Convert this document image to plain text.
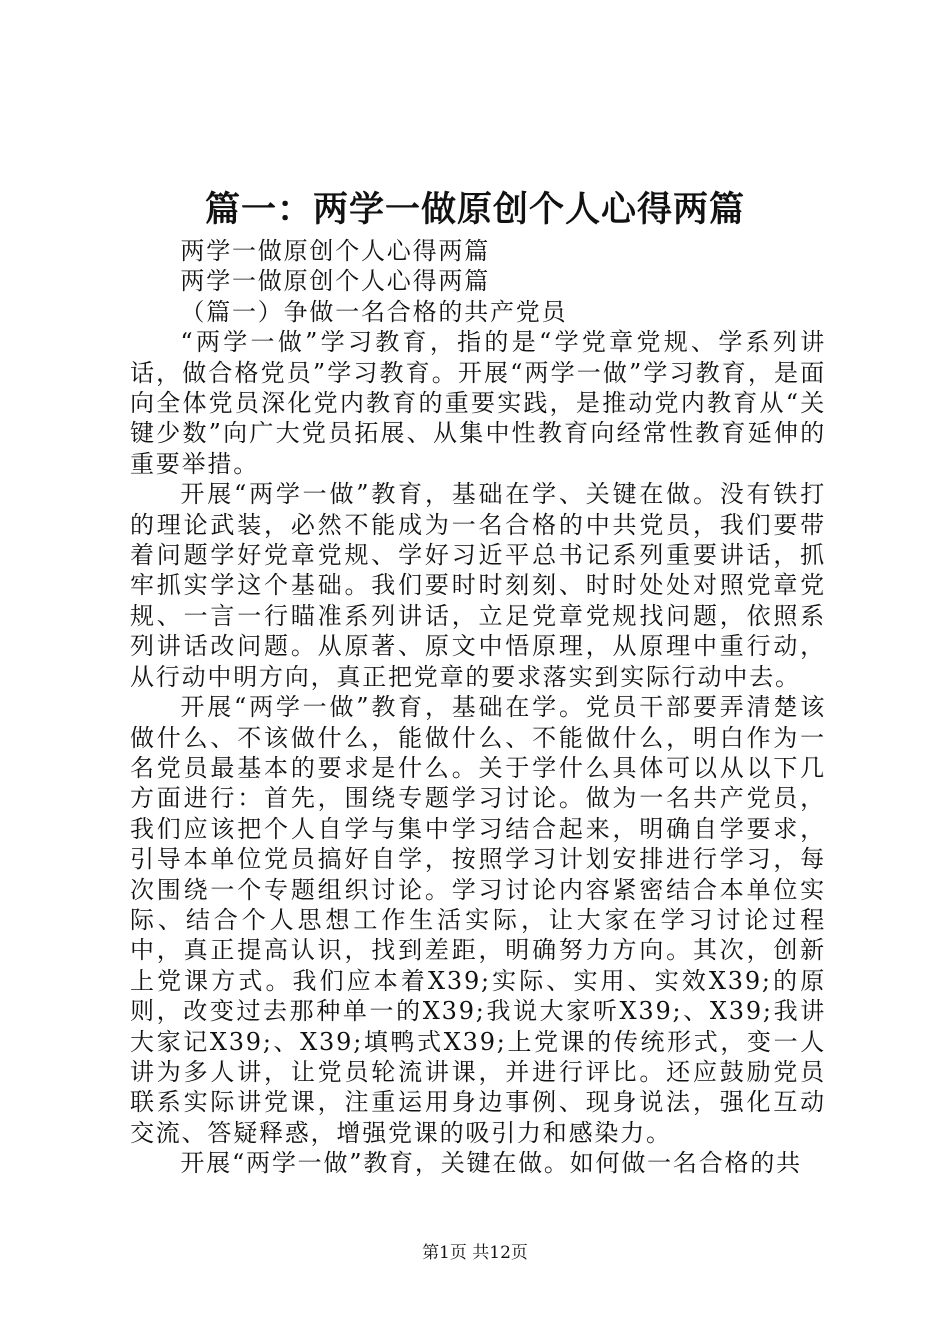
篇一：两学一做原创个人心得两篇

两学一做原创个人心得两篇

两学一做原创个人心得两篇

（篇一）争做一名合格的共产党员

“两学一做”学习教育，指的是“学党章党规、学系列讲话，做合格党员”学习教育。开展“两学一做”学习教育，是面向全体党员深化党内教育的重要实践，是推动党内教育从“关键少数”向广大党员拓展、从集中性教育向经常性教育延伸的重要举措。

开展“两学一做”教育，基础在学、关键在做。没有铁打的理论武装，必然不能成为一名合格的中共党员，我们要带着问题学好党章党规、学好习近平总书记系列重要讲话，抓牢抓实学这个基础。我们要时时刻刻、时时处处对照党章党规、一言一行瞄准系列讲话，立足党章党规找问题，依照系列讲话改问题。从原著、原文中悟原理，从原理中重行动，从行动中明方向，真正把党章的要求落实到实际行动中去。

开展“两学一做”教育，基础在学。党员干部要弄清楚该做什么、不该做什么，能做什么、不能做什么，明白作为一名党员最基本的要求是什么。关于学什么具体可以从以下几方面进行：首先，围绕专题学习讨论。做为一名共产党员，我们应该把个人自学与集中学习结合起来，明确自学要求，引导本单位党员搞好自学，按照学习计划安排进行学习，每次围绕一个专题组织讨论。学习讨论内容紧密结合本单位实际、结合个人思想工作生活实际，让大家在学习讨论过程中，真正提高认识，找到差距，明确努力方向。其次，创新上党课方式。我们应本着X39;实际、实用、实效X39;的原则，改变过去那种单一的X39;我说大家听X39;、X39;我讲大家记X39;、X39;填鸭式X39;上党课的传统形式，变一人讲为多人讲，让党员轮流讲课，并进行评比。还应鼓励党员联系实际讲党课，注重运用身边事例、现身说法，强化互动交流、答疑释惑，增强党课的吸引力和感染力。

开展“两学一做”教育，关键在做。如何做一名合格的共

第1页 共12页
